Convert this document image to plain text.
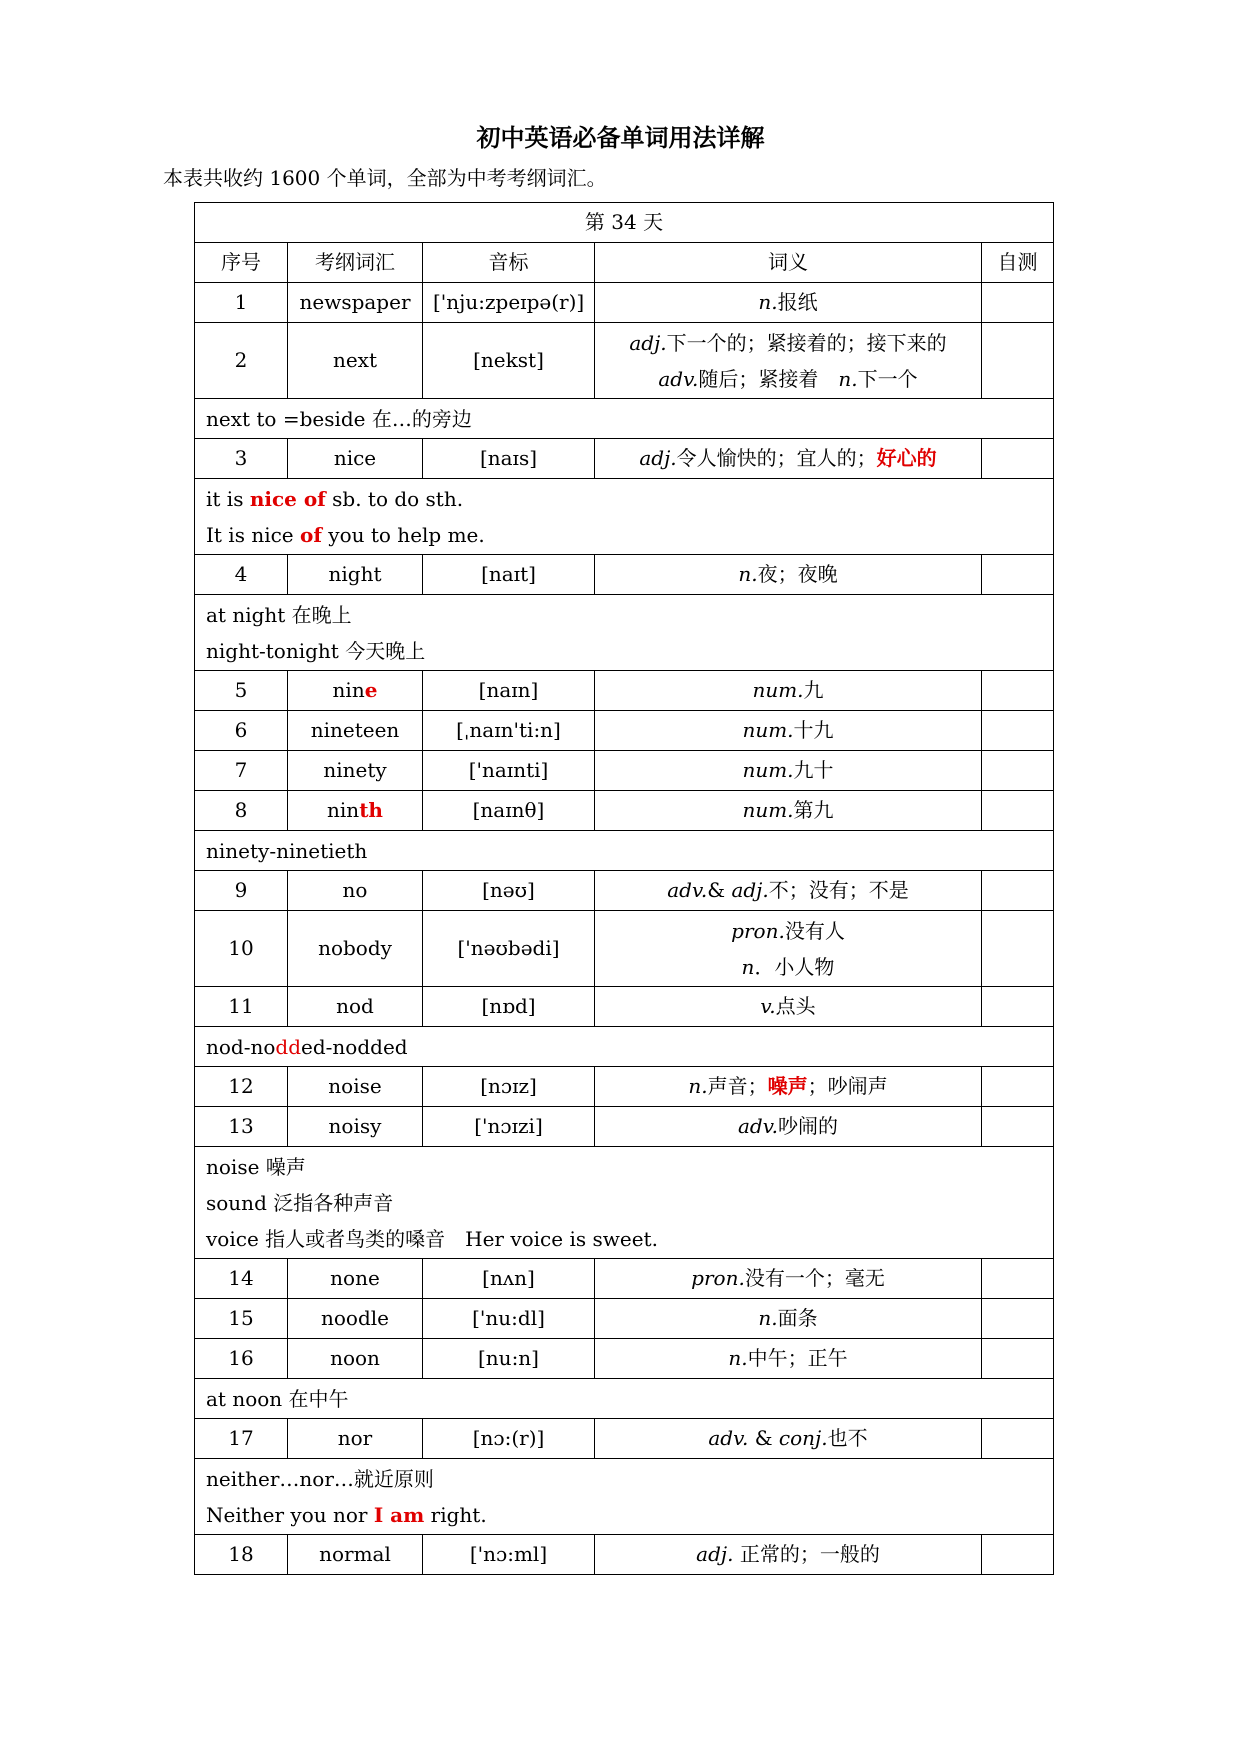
初中英语必备单词用法详解
本表共收约 1600 个单词，全部为中考考纲词汇。
第 34 天				
序号	考纲词汇	音标	词义	自测
1	newspaper	['nju:zpeɪpə(r)]	n.报纸	

2	next	[nekst]	adj.下一个的；紧接着的；接下来的
adv.随后；紧接着　n.下一个	

next to =beside 在…的旁边				

3	nice	[naɪs]	adj.令人愉快的；宜人的；好心的	

it is nice of sb. to do sth.
It is nice of you to help me.				

4	night	[naɪt]	n.夜；夜晚	

at night 在晚上
night-tonight 今天晚上				

5	nine	[naɪn]	num.九	

6	nineteen	[ˌnaɪn'ti:n]	num.十九	

7	ninety	['naɪnti]	num.九十	

8	ninth	[naɪnθ]	num.第九	

ninety-ninetieth				

9	no	[nəʊ]	adv.& adj.不；没有；不是	

10	nobody	['nəʊbədi]	pron.没有人
n．小人物	

11	nod	[nɒd]	v.点头	

nod-nodded-nodded				

12	noise	[nɔɪz]	n.声音；噪声；吵闹声	

13	noisy	['nɔɪzi]	adv.吵闹的	

noise 噪声
sound 泛指各种声音
voice 指人或者鸟类的嗓音　Her voice is sweet.				

14	none	[nʌn]	pron.没有一个；毫无	

15	noodle	['nu:dl]	n.面条	

16	noon	[nu:n]	n.中午；正午	

at noon 在中午				

17	nor	[nɔ:(r)]	adv. & conj.也不	

neither…nor…就近原则
Neither you nor I am right.				

18	normal	['nɔ:ml]	adj. 正常的；一般的	
